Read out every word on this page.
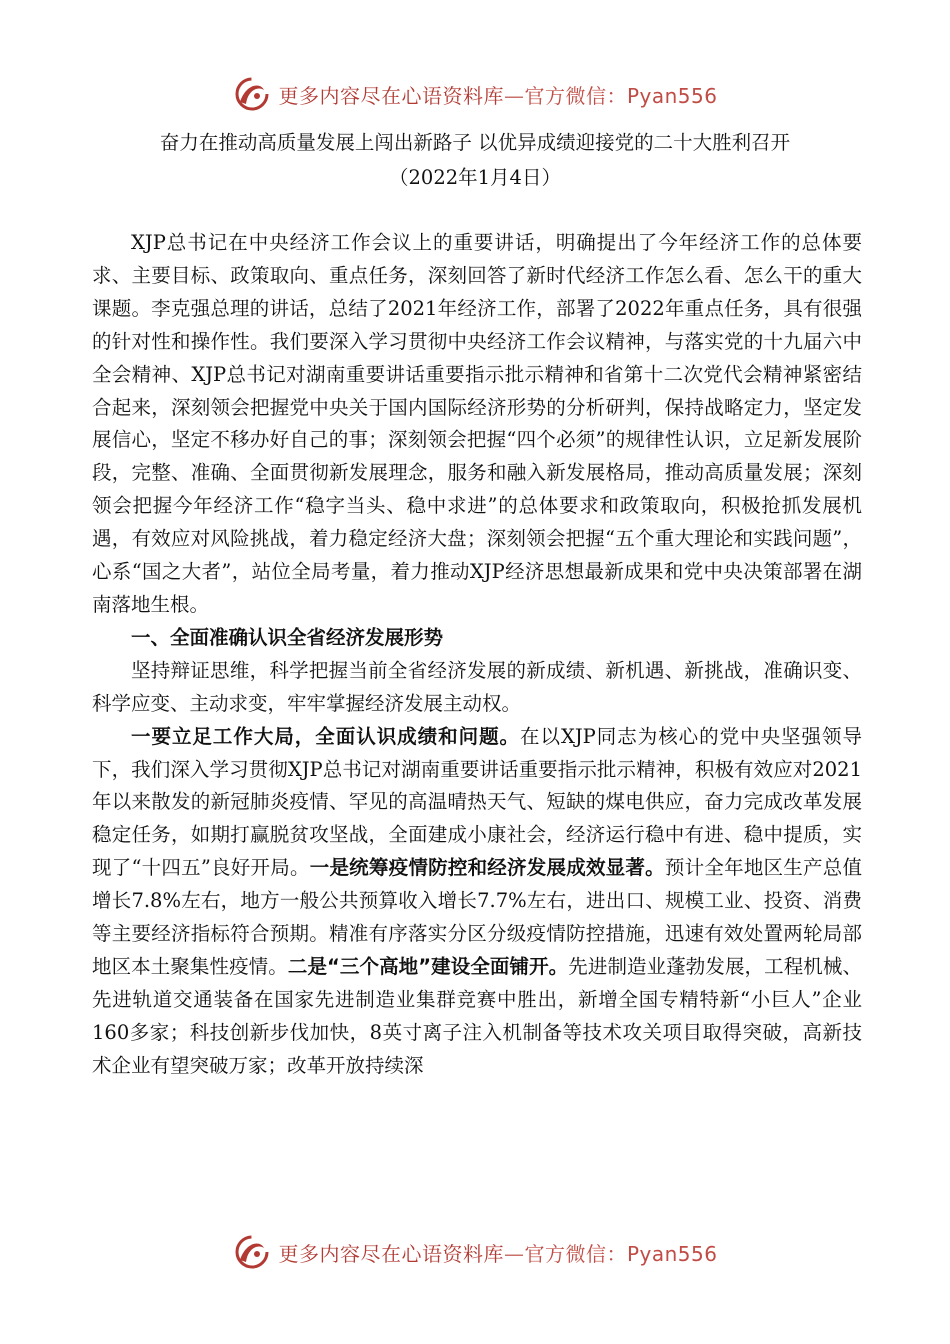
更多内容尽在心语资料库—官方微信：Pyan556
奋力在推动高质量发展上闯出新路子 以优异成绩迎接党的二十大胜利召开
（2022年1月4日）

XJP总书记在中央经济工作会议上的重要讲话，明确提出了今年经济工作的总体要求、主要目标、政策取向、重点任务，深刻回答了新时代经济工作怎么看、怎么干的重大课题。李克强总理的讲话，总结了2021年经济工作，部署了2022年重点任务，具有很强的针对性和操作性。我们要深入学习贯彻中央经济工作会议精神，与落实党的十九届六中全会精神、XJP总书记对湖南重要讲话重要指示批示精神和省第十二次党代会精神紧密结合起来，深刻领会把握党中央关于国内国际经济形势的分析研判，保持战略定力，坚定发展信心，坚定不移办好自己的事；深刻领会把握“四个必须”的规律性认识，立足新发展阶段，完整、准确、全面贯彻新发展理念，服务和融入新发展格局，推动高质量发展；深刻领会把握今年经济工作“稳字当头、稳中求进”的总体要求和政策取向，积极抢抓发展机遇，有效应对风险挑战，着力稳定经济大盘；深刻领会把握“五个重大理论和实践问题”，心系“国之大者”，站位全局考量，着力推动XJP经济思想最新成果和党中央决策部署在湖南落地生根。

一、全面准确认识全省经济发展形势

坚持辩证思维，科学把握当前全省经济发展的新成绩、新机遇、新挑战，准确识变、科学应变、主动求变，牢牢掌握经济发展主动权。

一要立足工作大局，全面认识成绩和问题。在以XJP同志为核心的党中央坚强领导下，我们深入学习贯彻XJP总书记对湖南重要讲话重要指示批示精神，积极有效应对2021年以来散发的新冠肺炎疫情、罕见的高温晴热天气、短缺的煤电供应，奋力完成改革发展稳定任务，如期打赢脱贫攻坚战，全面建成小康社会，经济运行稳中有进、稳中提质，实现了“十四五”良好开局。一是统筹疫情防控和经济发展成效显著。预计全年地区生产总值增长7.8%左右，地方一般公共预算收入增长7.7%左右，进出口、规模工业、投资、消费等主要经济指标符合预期。精准有序落实分区分级疫情防控措施，迅速有效处置两轮局部地区本土聚集性疫情。二是“三个高地”建设全面铺开。先进制造业蓬勃发展，工程机械、先进轨道交通装备在国家先进制造业集群竞赛中胜出，新增全国专精特新“小巨人”企业160多家；科技创新步伐加快，8英寸离子注入机制备等技术攻关项目取得突破，高新技术企业有望突破万家；改革开放持续深

更多内容尽在心语资料库—官方微信：Pyan556
